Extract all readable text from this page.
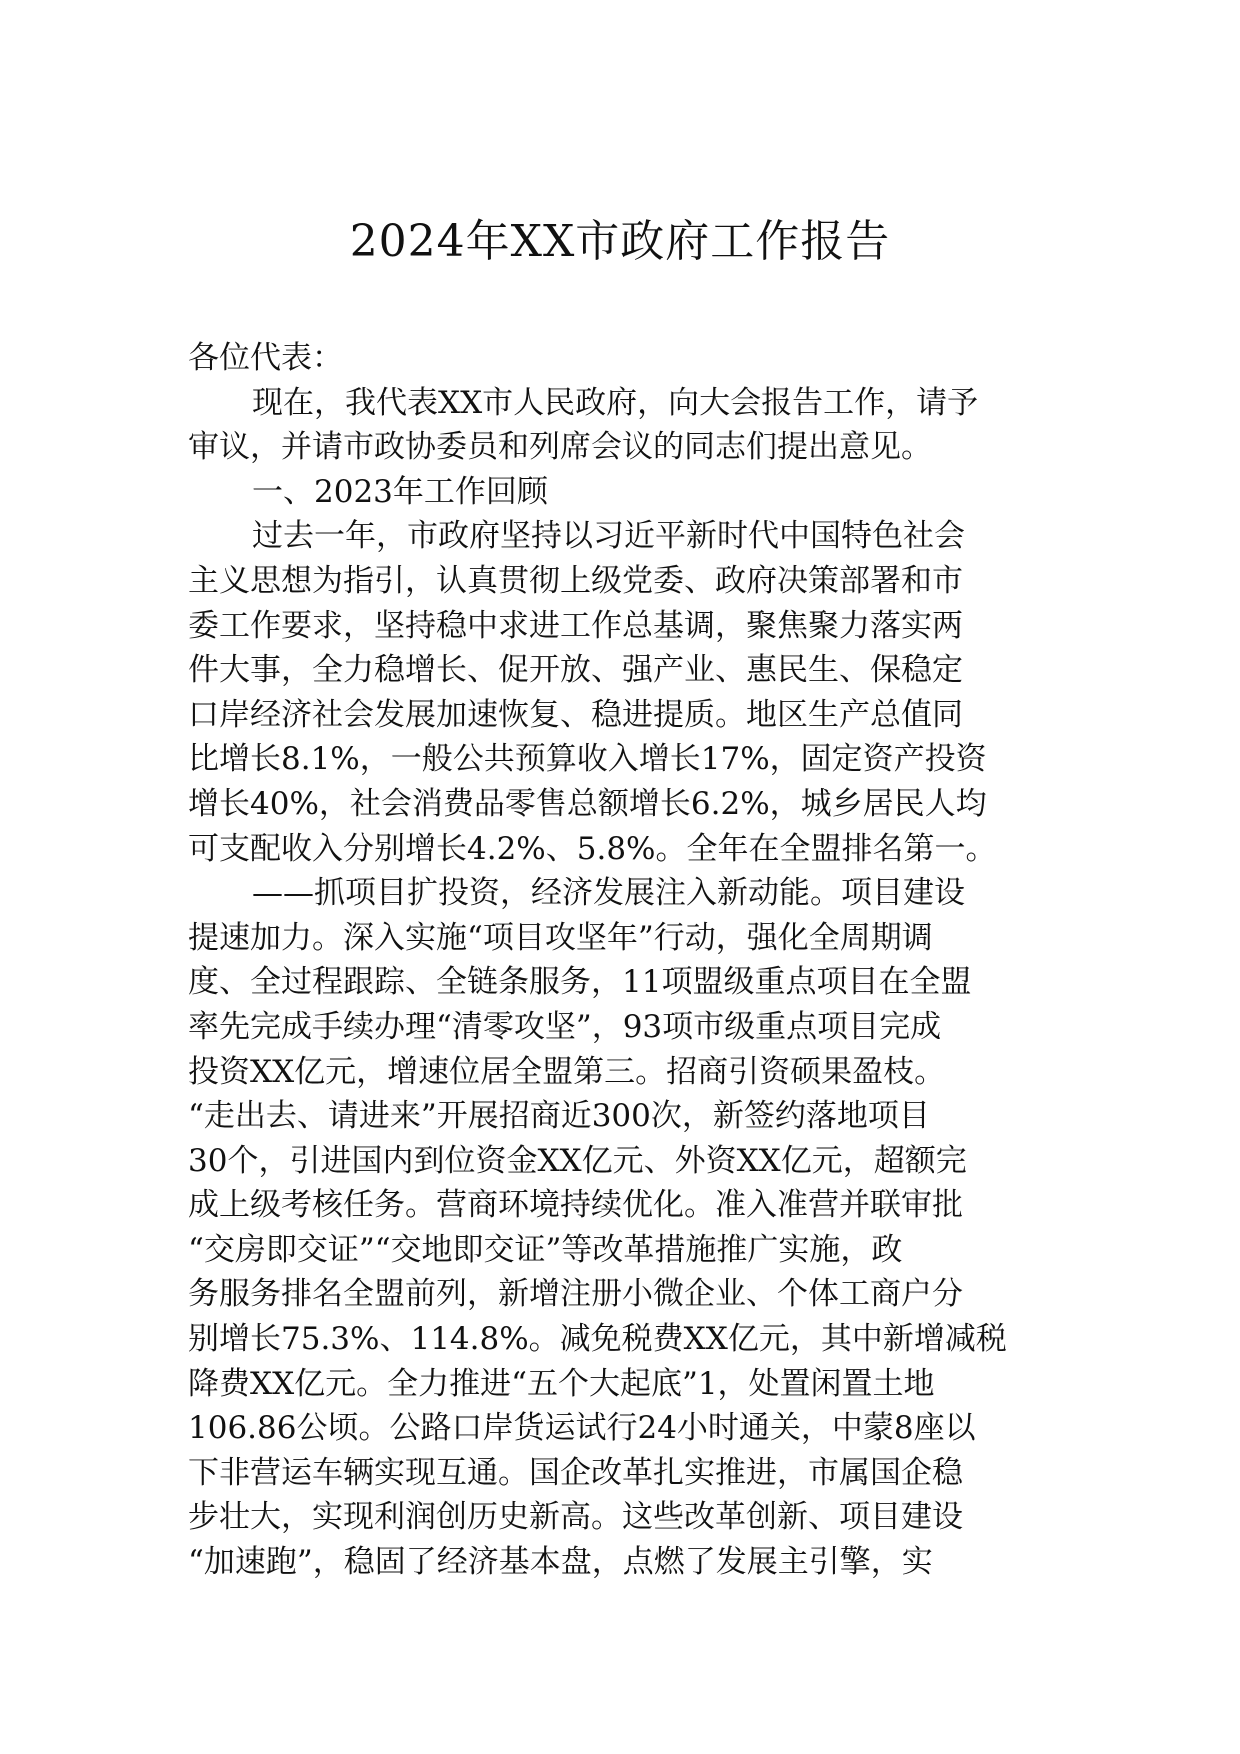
2024年XX市政府工作报告
各位代表：
现在，我代表XX市人民政府，向大会报告工作，请予
审议，并请市政协委员和列席会议的同志们提出意见。
一、2023年工作回顾
过去一年，市政府坚持以习近平新时代中国特色社会
主义思想为指引，认真贯彻上级党委、政府决策部署和市
委工作要求，坚持稳中求进工作总基调，聚焦聚力落实两
件大事，全力稳增长、促开放、强产业、惠民生、保稳定
口岸经济社会发展加速恢复、稳进提质。地区生产总值同
比增长8.1%，一般公共预算收入增长17%，固定资产投资
增长40%，社会消费品零售总额增长6.2%，城乡居民人均
可支配收入分别增长4.2%、5.8%。全年在全盟排名第一。
——抓项目扩投资，经济发展注入新动能。项目建设
提速加力。深入实施“项目攻坚年”行动，强化全周期调
度、全过程跟踪、全链条服务，11项盟级重点项目在全盟
率先完成手续办理“清零攻坚”，93项市级重点项目完成
投资XX亿元，增速位居全盟第三。招商引资硕果盈枝。
“走出去、请进来”开展招商近300次，新签约落地项目
30个，引进国内到位资金XX亿元、外资XX亿元，超额完
成上级考核任务。营商环境持续优化。准入准营并联审批
“交房即交证”“交地即交证”等改革措施推广实施，政
务服务排名全盟前列，新增注册小微企业、个体工商户分
别增长75.3%、114.8%。减免税费XX亿元，其中新增减税
降费XX亿元。全力推进“五个大起底”1，处置闲置土地
106.86公顷。公路口岸货运试行24小时通关，中蒙8座以
下非营运车辆实现互通。国企改革扎实推进，市属国企稳
步壮大，实现利润创历史新高。这些改革创新、项目建设
“加速跑”，稳固了经济基本盘，点燃了发展主引擎，实
